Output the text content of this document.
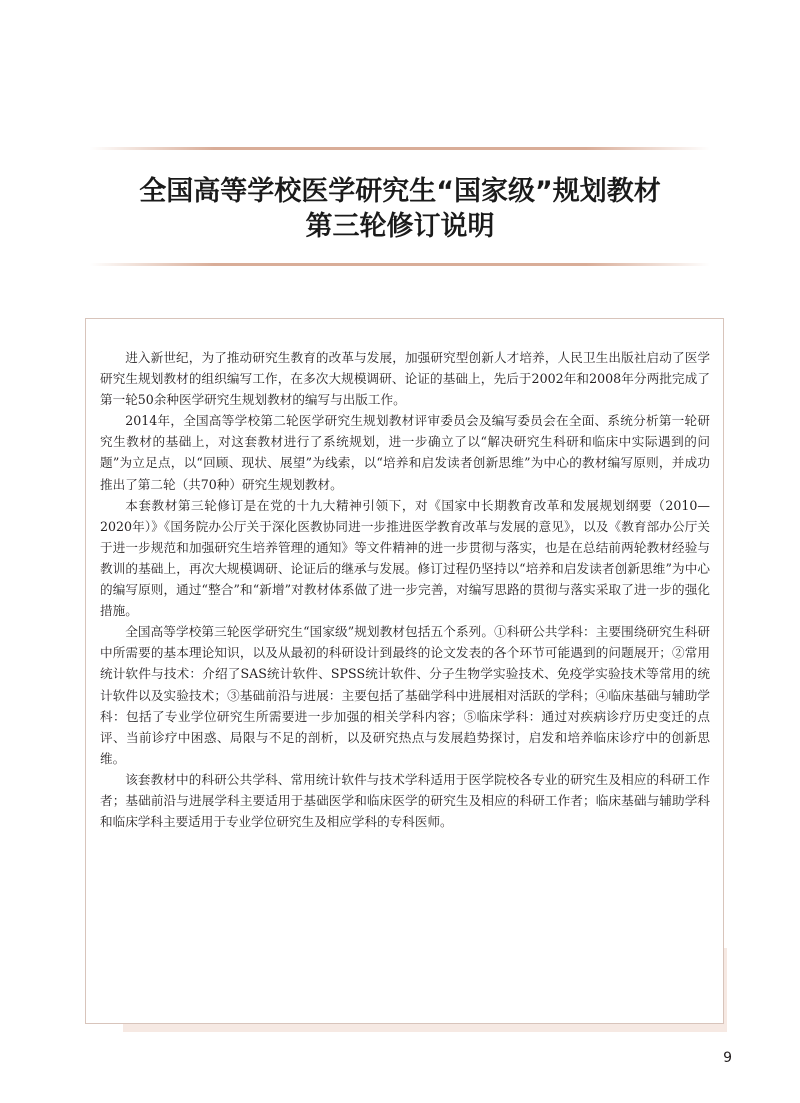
全国高等学校医学研究生“国家级”规划教材
第三轮修订说明

进入新世纪，为了推动研究生教育的改革与发展，加强研究型创新人才培养，人民卫生出版社启动了医学研究生规划教材的组织编写工作，在多次大规模调研、论证的基础上，先后于2002年和2008年分两批完成了第一轮50余种医学研究生规划教材的编写与出版工作。

2014年，全国高等学校第二轮医学研究生规划教材评审委员会及编写委员会在全面、系统分析第一轮研究生教材的基础上，对这套教材进行了系统规划，进一步确立了以“解决研究生科研和临床中实际遇到的问题”为立足点，以“回顾、现状、展望”为线索，以“培养和启发读者创新思维”为中心的教材编写原则，并成功推出了第二轮（共70种）研究生规划教材。

本套教材第三轮修订是在党的十九大精神引领下，对《国家中长期教育改革和发展规划纲要（2010—2020年）》《国务院办公厅关于深化医教协同进一步推进医学教育改革与发展的意见》，以及《教育部办公厅关于进一步规范和加强研究生培养管理的通知》等文件精神的进一步贯彻与落实，也是在总结前两轮教材经验与教训的基础上，再次大规模调研、论证后的继承与发展。修订过程仍坚持以“培养和启发读者创新思维”为中心的编写原则，通过“整合”和“新增”对教材体系做了进一步完善，对编写思路的贯彻与落实采取了进一步的强化措施。

全国高等学校第三轮医学研究生“国家级”规划教材包括五个系列。①科研公共学科：主要围绕研究生科研中所需要的基本理论知识，以及从最初的科研设计到最终的论文发表的各个环节可能遇到的问题展开；②常用统计软件与技术：介绍了SAS统计软件、SPSS统计软件、分子生物学实验技术、免疫学实验技术等常用的统计软件以及实验技术；③基础前沿与进展：主要包括了基础学科中进展相对活跃的学科；④临床基础与辅助学科：包括了专业学位研究生所需要进一步加强的相关学科内容；⑤临床学科：通过对疾病诊疗历史变迁的点评、当前诊疗中困惑、局限与不足的剖析，以及研究热点与发展趋势探讨，启发和培养临床诊疗中的创新思维。

该套教材中的科研公共学科、常用统计软件与技术学科适用于医学院校各专业的研究生及相应的科研工作者；基础前沿与进展学科主要适用于基础医学和临床医学的研究生及相应的科研工作者；临床基础与辅助学科和临床学科主要适用于专业学位研究生及相应学科的专科医师。

9
